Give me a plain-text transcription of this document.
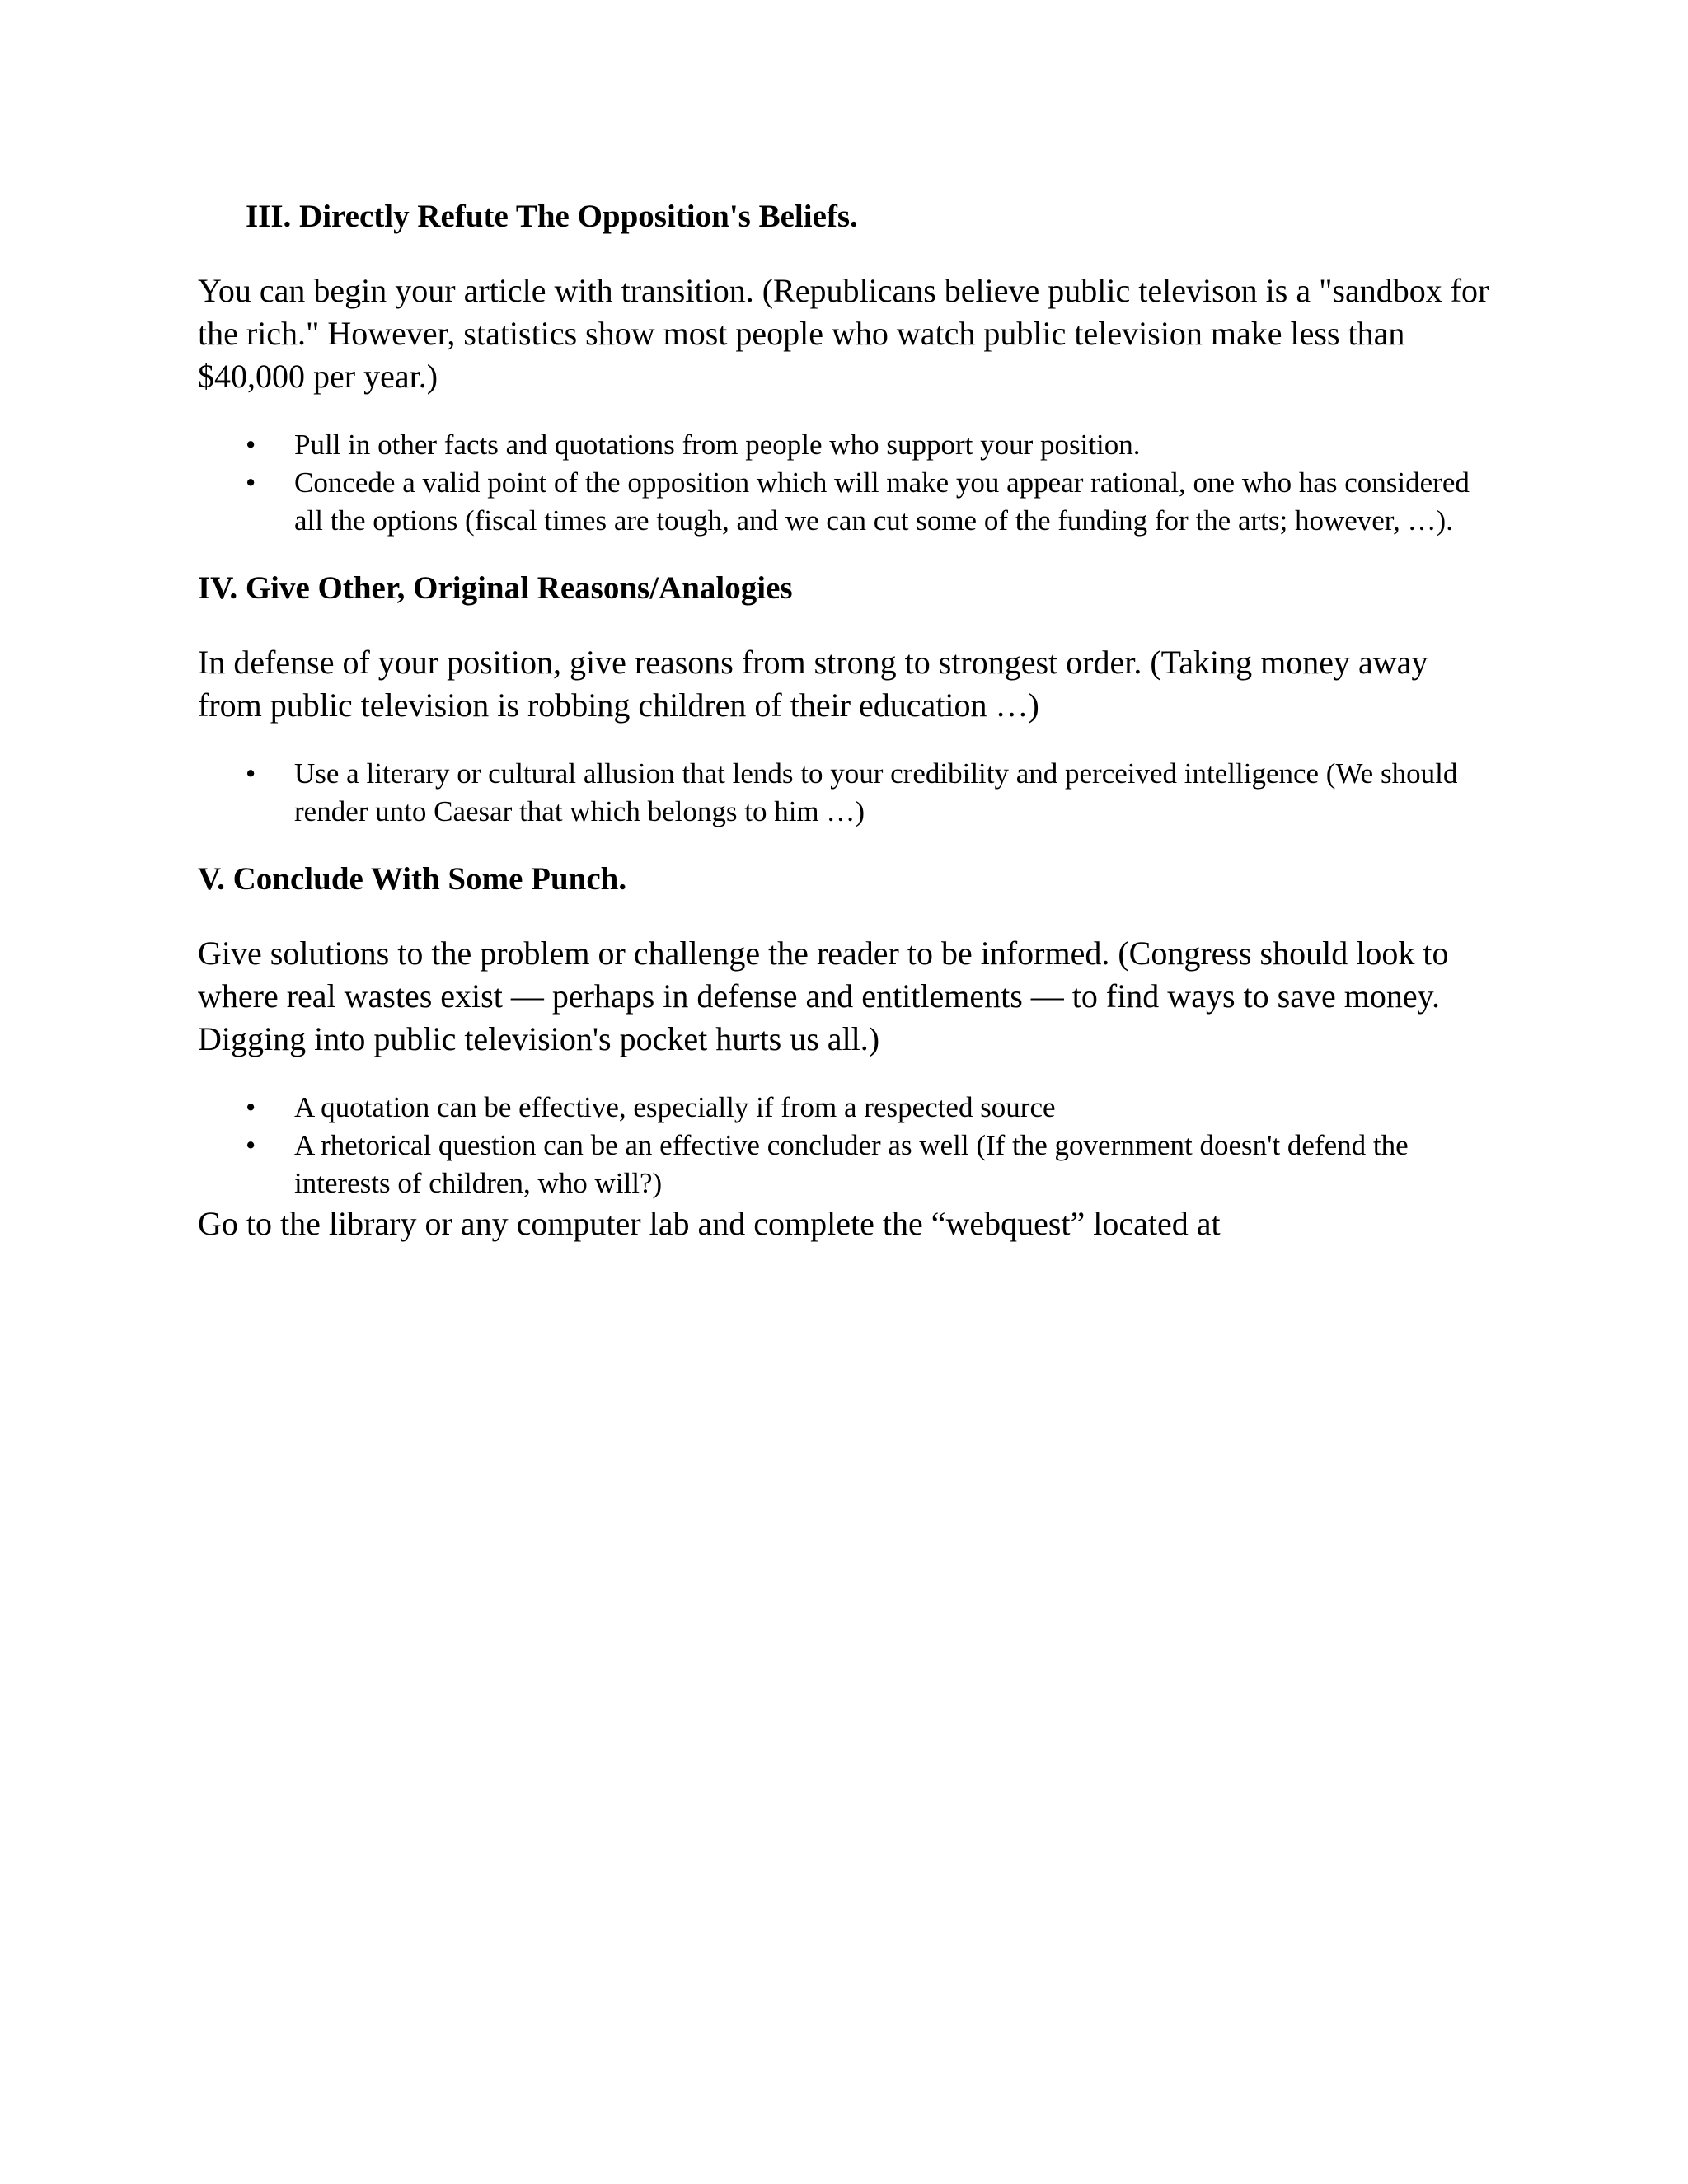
III. Directly Refute The Opposition's Beliefs.

You can begin your article with transition. (Republicans believe public televison is a "sandbox for the rich." However, statistics show most people who watch public television make less than $40,000 per year.)

• Pull in other facts and quotations from people who support your position.
• Concede a valid point of the opposition which will make you appear rational, one who has considered all the options (fiscal times are tough, and we can cut some of the funding for the arts; however, …).
IV. Give Other, Original Reasons/Analogies

In defense of your position, give reasons from strong to strongest order. (Taking money away from public television is robbing children of their education …)

• Use a literary or cultural allusion that lends to your credibility and perceived intelligence (We should render unto Caesar that which belongs to him …)
V. Conclude With Some Punch.

Give solutions to the problem or challenge the reader to be informed. (Congress should look to where real wastes exist — perhaps in defense and entitlements — to find ways to save money. Digging into public television's pocket hurts us all.)

• A quotation can be effective, especially if from a respected source
• A rhetorical question can be an effective concluder as well (If the government doesn't defend the interests of children, who will?)

Go to the library or any computer lab and complete the “webquest” located at
